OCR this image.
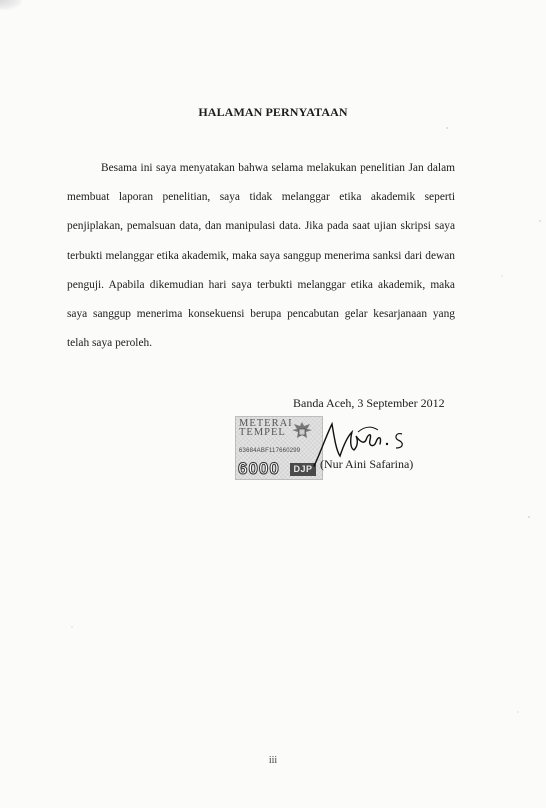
HALAMAN PERNYATAAN
Besama ini saya menyatakan bahwa selama melakukan penelitian Jan dalam membuat laporan penelitian, saya tidak melanggar etika akademik seperti penjiplakan, pemalsuan data, dan manipulasi data. Jika pada saat ujian skripsi saya terbukti melanggar etika akademik, maka saya sanggup menerima sanksi dari dewan penguji. Apabila dikemudian hari saya terbukti melanggar etika akademik, maka saya sanggup menerima konsekuensi berupa pencabutan gelar kesarjanaan yang telah saya peroleh.
Banda Aceh, 3 September 2012
METERAI
TEMPEL
63684ABF117660299
6000	DJP (Nur Aini Safarina)
iii
